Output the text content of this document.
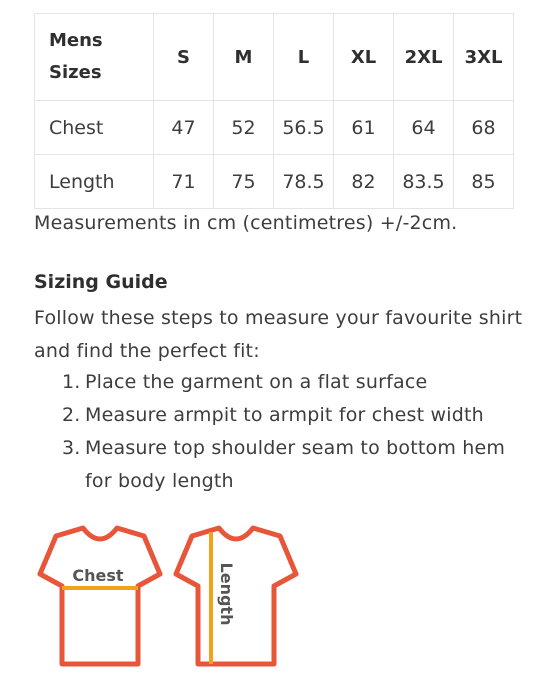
Mens
Sizes	S	M	L	XL	2XL	3XL
Chest	47	52	56.5	61	64	68
Length	71	75	78.5	82	83.5	85
Measurements in cm (centimetres) +/-2cm.
Sizing Guide
Follow these steps to measure your favourite shirt and find the perfect fit:
1. Place the garment on a flat surface
2. Measure armpit to armpit for chest width
3. Measure top shoulder seam to bottom hem for body length
Chest	Length
